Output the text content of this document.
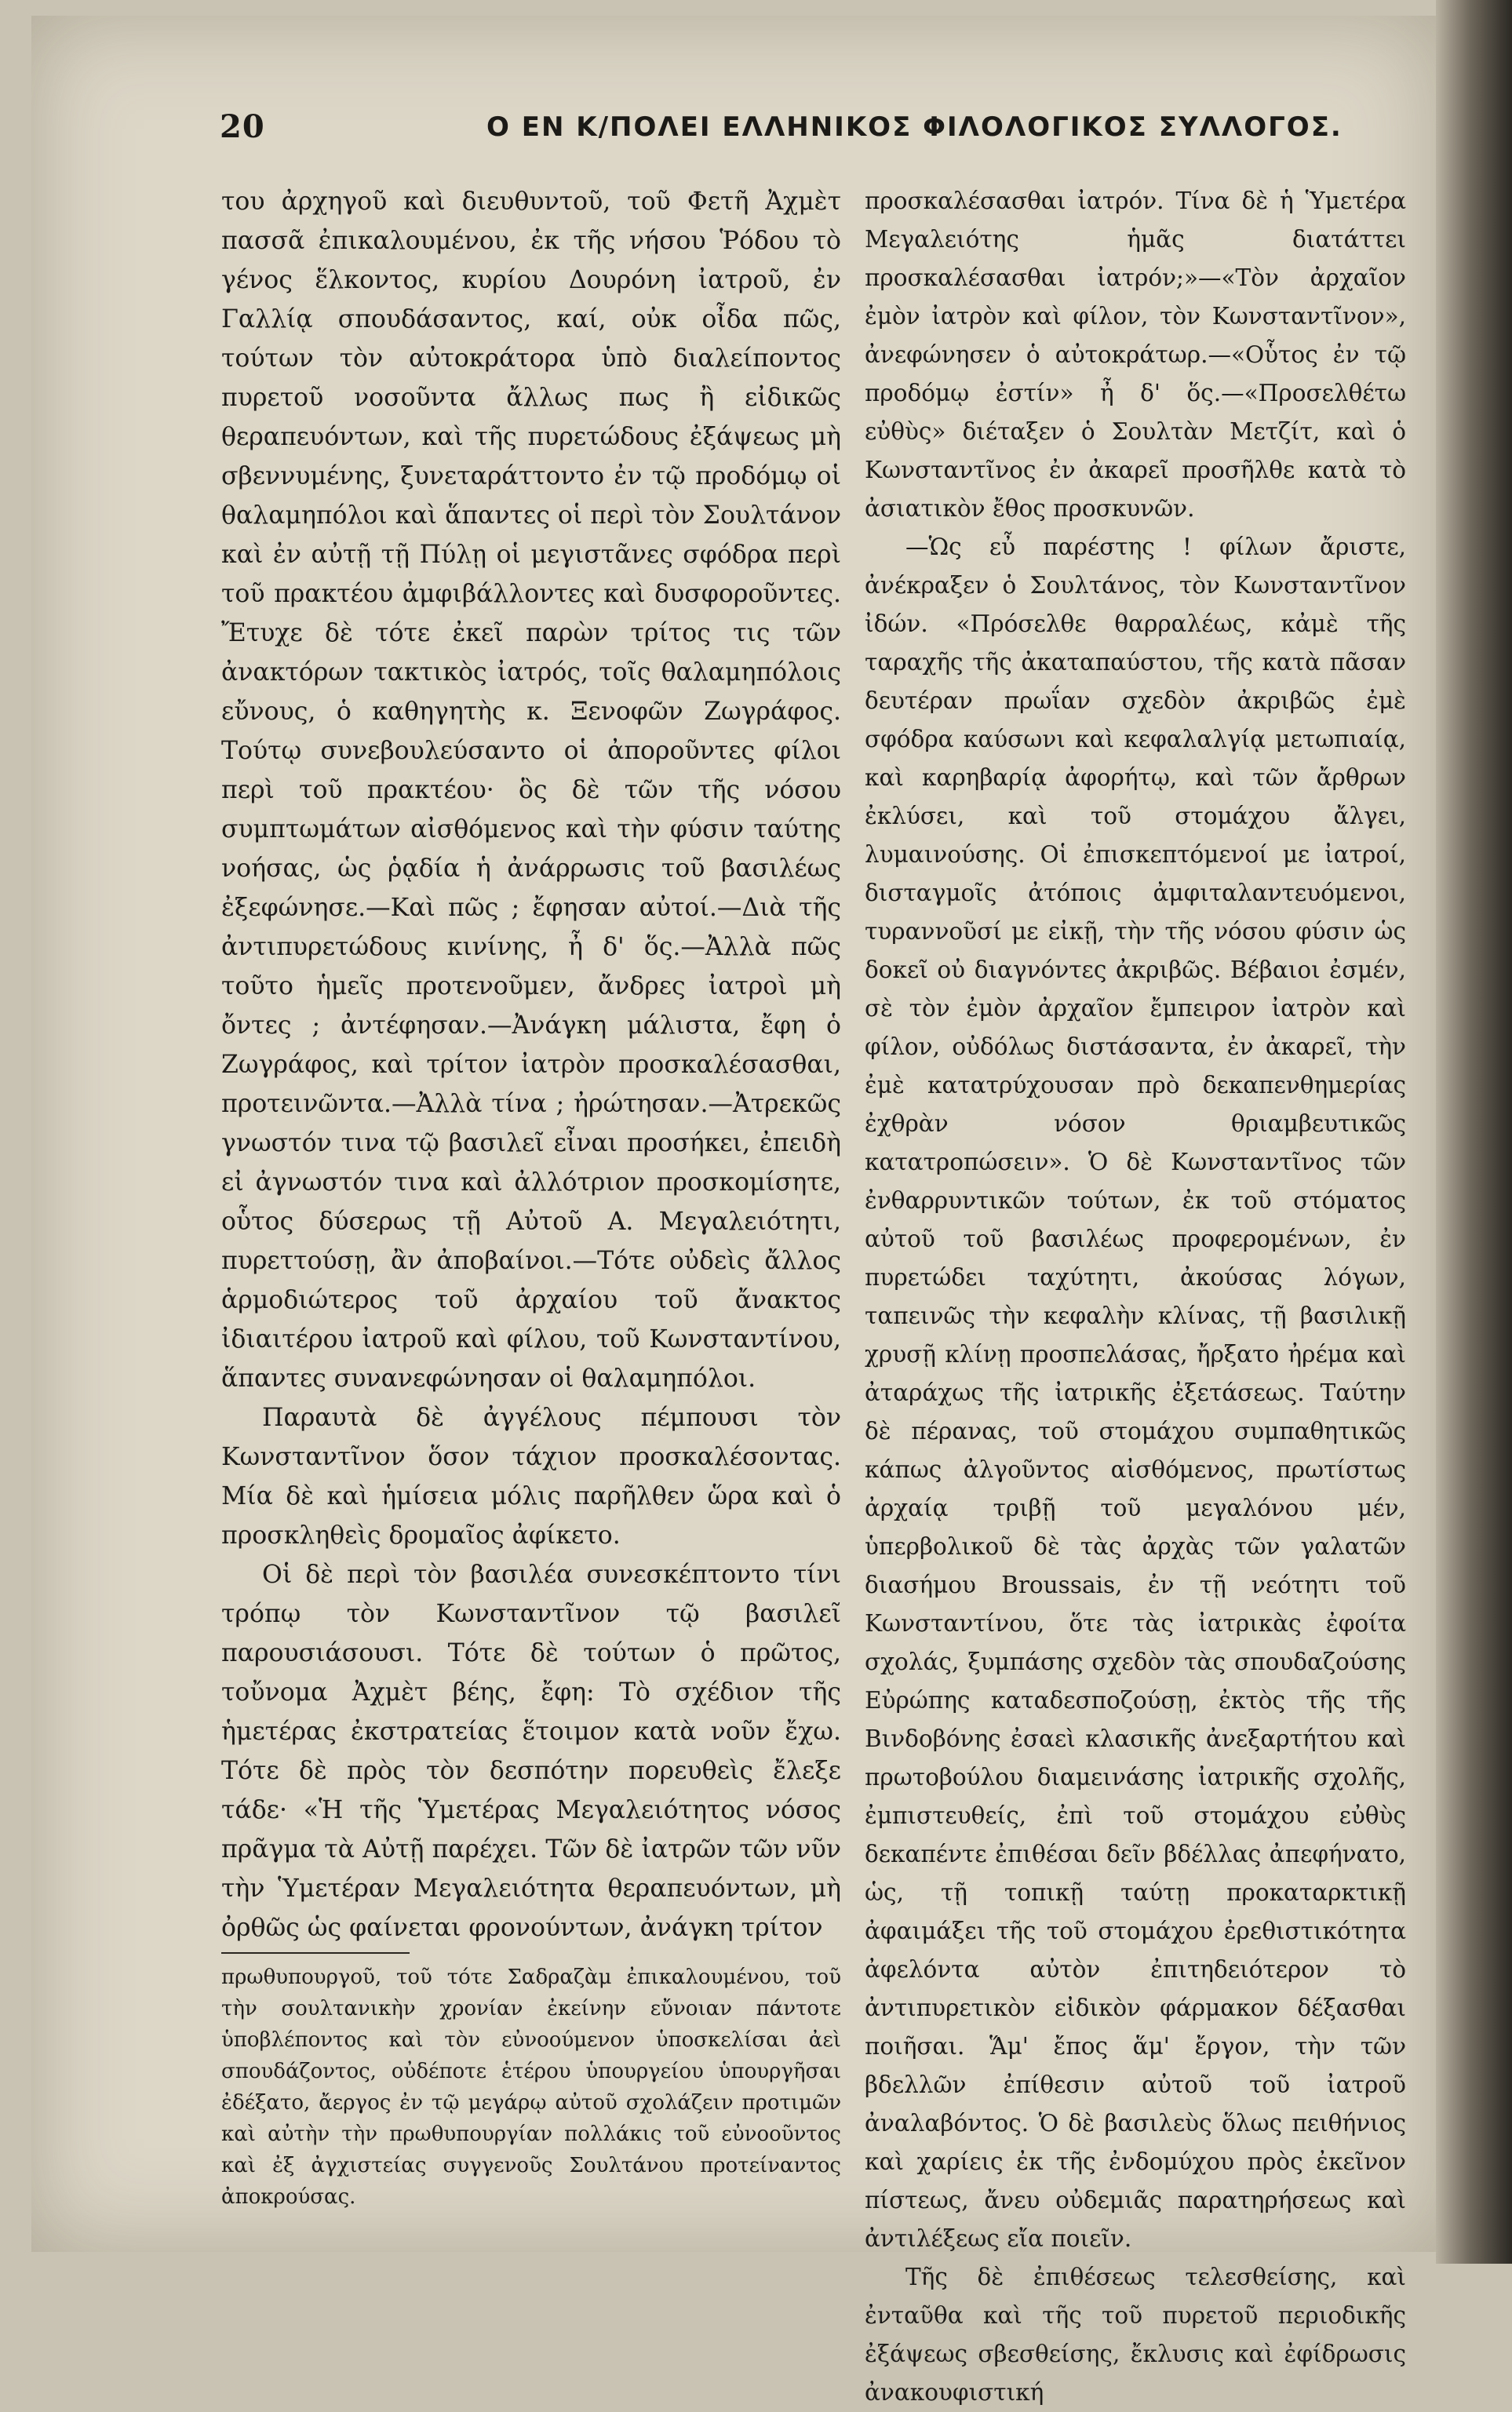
20	Ο ΕΝ Κ/ΠΟΛΕΙ ΕΛΛΗΝΙΚΟΣ ΦΙΛΟΛΟΓΙΚΟΣ ΣΥΛΛΟΓΟΣ.

του ἀρχηγοῦ καὶ διευθυντοῦ, τοῦ Φετῆ Ἀχμὲτ πασσᾶ ἐπικαλουμένου, ἐκ τῆς νήσου Ῥόδου τὸ γένος ἕλκοντος, κυρίου Δουρόνη ἰατροῦ, ἐν Γαλλίᾳ σπουδάσαντος, καί, οὐκ οἶδα πῶς, τούτων τὸν αὐτοκράτορα ὑπὸ διαλείποντος πυρετοῦ νοσοῦντα ἄλλως πως ἢ εἰδικῶς θεραπευόντων, καὶ τῆς πυρετώδους ἐξάψεως μὴ σβεννυμένης, ξυνεταράττοντο ἐν τῷ προδόμῳ οἱ θαλαμηπόλοι καὶ ἅπαντες οἱ περὶ τὸν Σουλτάνον καὶ ἐν αὐτῇ τῇ Πύλῃ οἱ μεγιστᾶνες σφόδρα περὶ τοῦ πρακτέου ἀμφιβάλλοντες καὶ δυσφοροῦντες. Ἔτυχε δὲ τότε ἐκεῖ παρὼν τρίτος τις τῶν ἀνακτόρων τακτικὸς ἰατρός, τοῖς θαλαμηπόλοις εὔνους, ὁ καθηγητὴς κ. Ξενοφῶν Ζωγράφος. Τούτῳ συνεβουλεύσαντο οἱ ἀποροῦντες φίλοι περὶ τοῦ πρακτέου· ὃς δὲ τῶν τῆς νόσου συμπτωμάτων αἰσθόμενος καὶ τὴν φύσιν ταύτης νοήσας, ὡς ῥᾳδία ἡ ἀνάρρωσις τοῦ βασιλέως ἐξεφώνησε.—Καὶ πῶς ; ἔφησαν αὐτοί.—Διὰ τῆς ἀντιπυρετώδους κινίνης, ἦ δ' ὅς.—Ἀλλὰ πῶς τοῦτο ἡμεῖς προτενοῦμεν, ἄνδρες ἰατροὶ μὴ ὄντες ; ἀντέφησαν.—Ἀνάγκη μάλιστα, ἔφη ὁ Ζωγράφος, καὶ τρίτον ἰατρὸν προσκαλέσασθαι, προτεινῶντα.—Ἀλλὰ τίνα ; ἠρώτησαν.—Ἀτρεκῶς γνωστόν τινα τῷ βασιλεῖ εἶναι προσήκει, ἐπειδὴ εἰ ἀγνωστόν τινα καὶ ἀλλότριον προσκομίσητε, οὗτος δύσερως τῇ Αὐτοῦ Α. Μεγαλειότητι, πυρεττούσῃ, ἂν ἀποβαίνοι.—Τότε οὐδεὶς ἄλλος ἁρμοδιώτερος τοῦ ἀρχαίου τοῦ ἄνακτος ἰδιαιτέρου ἰατροῦ καὶ φίλου, τοῦ Κωνσταντίνου, ἅπαντες συνανεφώνησαν οἱ θαλαμηπόλοι.

Παραυτὰ δὲ ἀγγέλους πέμπουσι τὸν Κωνσταντῖνον ὅσον τάχιον προσκαλέσοντας. Μία δὲ καὶ ἡμίσεια μόλις παρῆλθεν ὥρα καὶ ὁ προσκληθεὶς δρομαῖος ἀφίκετο.

Οἱ δὲ περὶ τὸν βασιλέα συνεσκέπτοντο τίνι τρόπῳ τὸν Κωνσταντῖνον τῷ βασιλεῖ παρουσιάσουσι. Τότε δὲ τούτων ὁ πρῶτος, τοὔνομα Ἀχμὲτ βέης, ἔφη: Τὸ σχέδιον τῆς ἡμετέρας ἐκστρατείας ἕτοιμον κατὰ νοῦν ἔχω. Τότε δὲ πρὸς τὸν δεσπότην πορευθεὶς ἔλεξε τάδε· «Ἡ τῆς Ὑμετέρας Μεγαλειότητος νόσος πρᾶγμα τὰ Αὐτῇ παρέχει. Τῶν δὲ ἰατρῶν τῶν νῦν τὴν Ὑμετέραν Μεγαλειότητα θεραπευόντων, μὴ ὀρθῶς ὡς φαίνεται φρονούντων, ἀνάγκη τρίτον

πρωθυπουργοῦ, τοῦ τότε Σαδραζὰμ ἐπικαλουμένου, τοῦ τὴν σουλτανικὴν χρονίαν ἐκείνην εὔνοιαν πάντοτε ὑποβλέποντος καὶ τὸν εὐνοούμενον ὑποσκελίσαι ἀεὶ σπουδάζοντος, οὐδέποτε ἑτέρου ὑπουργείου ὑπουργῆσαι ἐδέξατο, ἄεργος ἐν τῷ μεγάρῳ αὐτοῦ σχολάζειν προτιμῶν καὶ αὐτὴν τὴν πρωθυπουργίαν πολλάκις τοῦ εὐνοοῦντος καὶ ἐξ ἀγχιστείας συγγενοῦς Σουλτάνου προτείναντος ἀποκρούσας.

προσκαλέσασθαι ἰατρόν. Τίνα δὲ ἡ Ὑμετέρα Μεγαλειότης ἡμᾶς διατάττει προσκαλέσασθαι ἰατρόν;»—«Τὸν ἀρχαῖον ἐμὸν ἰατρὸν καὶ φίλον, τὸν Κωνσταντῖνον», ἀνεφώνησεν ὁ αὐτοκράτωρ.—«Οὗτος ἐν τῷ προδόμῳ ἐστίν» ἦ δ' ὅς.—«Προσελθέτω εὐθὺς» διέταξεν ὁ Σουλτὰν Μετζίτ, καὶ ὁ Κωνσταντῖνος ἐν ἀκαρεῖ προσῆλθε κατὰ τὸ ἀσιατικὸν ἔθος προσκυνῶν.

—Ὡς εὖ παρέστης ! φίλων ἄριστε, ἀνέκραξεν ὁ Σουλτάνος, τὸν Κωνσταντῖνον ἰδών. «Πρόσελθε θαρραλέως, κἀμὲ τῆς ταραχῆς τῆς ἀκαταπαύστου, τῆς κατὰ πᾶσαν δευτέραν πρωΐαν σχεδὸν ἀκριβῶς ἐμὲ σφόδρα καύσωνι καὶ κεφαλαλγίᾳ μετωπιαίᾳ, καὶ καρηβαρίᾳ ἀφορήτῳ, καὶ τῶν ἄρθρων ἐκλύσει, καὶ τοῦ στομάχου ἄλγει, λυμαινούσης. Οἱ ἐπισκεπτόμενοί με ἰατροί, δισταγμοῖς ἀτόποις ἀμφιταλαντευόμενοι, τυραννοῦσί με εἰκῇ, τὴν τῆς νόσου φύσιν ὡς δοκεῖ οὐ διαγνόντες ἀκριβῶς. Βέβαιοι ἐσμέν, σὲ τὸν ἐμὸν ἀρχαῖον ἔμπειρον ἰατρὸν καὶ φίλον, οὐδόλως διστάσαντα, ἐν ἀκαρεῖ, τὴν ἐμὲ κατατρύχουσαν πρὸ δεκαπενθημερίας ἐχθρὰν νόσον θριαμβευτικῶς κατατροπώσειν». Ὁ δὲ Κωνσταντῖνος τῶν ἐνθαρρυντικῶν τούτων, ἐκ τοῦ στόματος αὐτοῦ τοῦ βασιλέως προφερομένων, ἐν πυρετώδει ταχύτητι, ἀκούσας λόγων, ταπεινῶς τὴν κεφαλὴν κλίνας, τῇ βασιλικῇ χρυσῇ κλίνῃ προσπελάσας, ἤρξατο ἠρέμα καὶ ἀταράχως τῆς ἰατρικῆς ἐξετάσεως. Ταύτην δὲ πέρανας, τοῦ στομάχου συμπαθητικῶς κάπως ἀλγοῦντος αἰσθόμενος, πρωτίστως ἀρχαίᾳ τριβῇ τοῦ μεγαλόνου μέν, ὑπερβολικοῦ δὲ τὰς ἀρχὰς τῶν γαλατῶν διασήμου Broussais, ἐν τῇ νεότητι τοῦ Κωνσταντίνου, ὅτε τὰς ἰατρικὰς ἐφοίτα σχολάς, ξυμπάσης σχεδὸν τὰς σπουδαζούσης Εὐρώπης καταδεσποζούσῃ, ἐκτὸς τῆς τῆς Βινδοβόνης ἐσαεὶ κλασικῆς ἀνεξαρτήτου καὶ πρωτοβούλου διαμεινάσης ἰατρικῆς σχολῆς, ἐμπιστευθείς, ἐπὶ τοῦ στομάχου εὐθὺς δεκαπέντε ἐπιθέσαι δεῖν βδέλλας ἀπεφήνατο, ὡς, τῇ τοπικῇ ταύτῃ προκαταρκτικῇ ἀφαιμάξει τῆς τοῦ στομάχου ἐρεθιστικότητα ἀφελόντα αὐτὸν ἐπιτηδειότερον τὸ ἀντιπυρετικὸν εἰδικὸν φάρμακον δέξασθαι ποιῆσαι. Ἅμ' ἔπος ἅμ' ἔργον, τὴν τῶν βδελλῶν ἐπίθεσιν αὐτοῦ τοῦ ἰατροῦ ἀναλαβόντος. Ὁ δὲ βασιλεὺς ὅλως πειθήνιος καὶ χαρίεις ἐκ τῆς ἐνδομύχου πρὸς ἐκεῖνον πίστεως, ἄνευ οὐδεμιᾶς παρατηρήσεως καὶ ἀντιλέξεως εἴα ποιεῖν.

Τῆς δὲ ἐπιθέσεως τελεσθείσης, καὶ ἐνταῦθα καὶ τῆς τοῦ πυρετοῦ περιοδικῆς ἐξάψεως σβεσθείσης, ἔκλυσις καὶ ἐφίδρωσις ἀνακουφιστική
